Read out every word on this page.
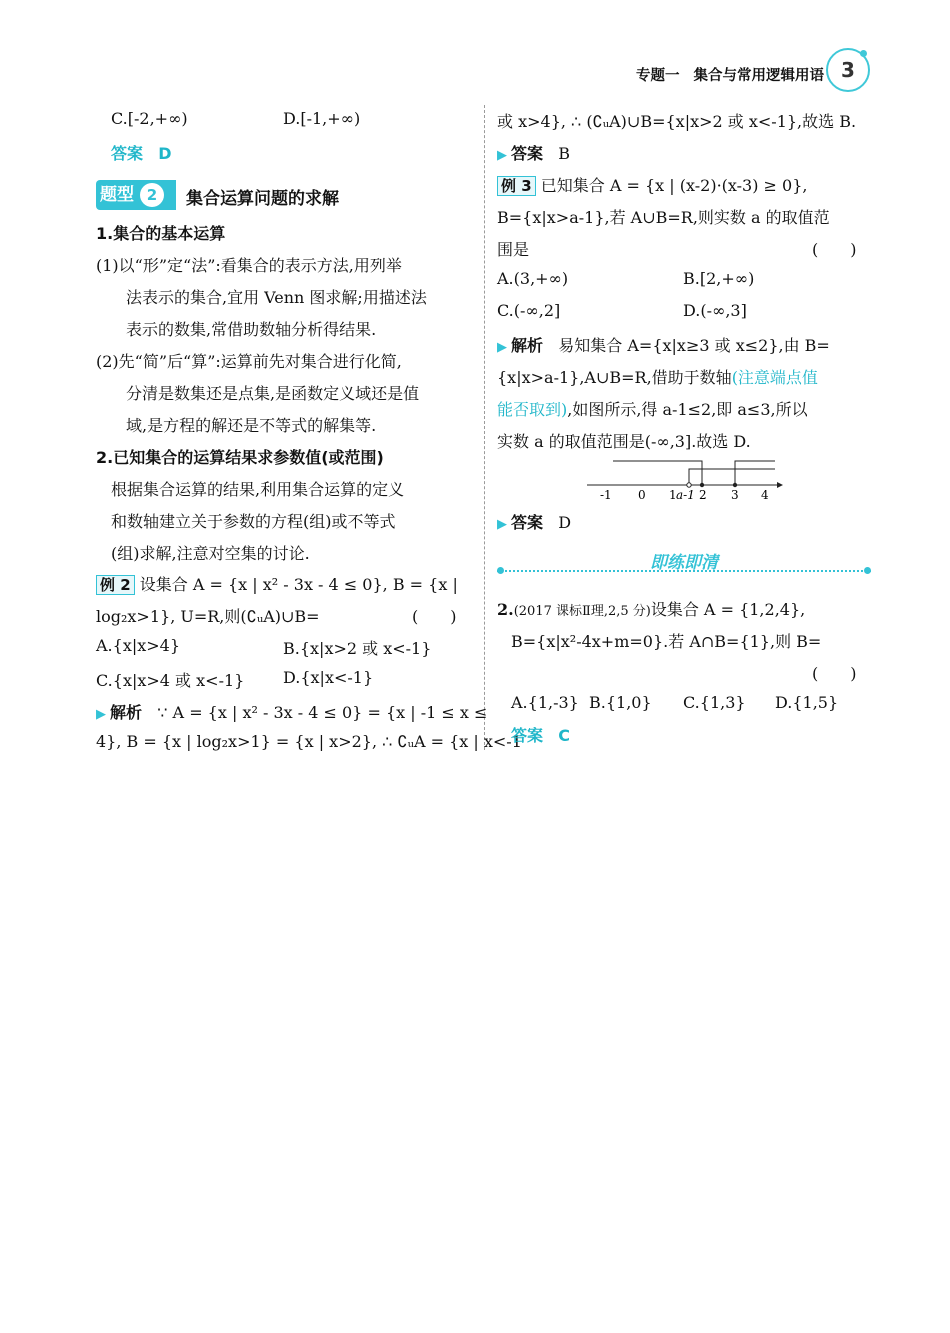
专题一 集合与常用逻辑用语 3
C.[-2,+∞)	D.[-1,+∞)
答案 D
题型 2	集合运算问题的求解
1.集合的基本运算
(1)以“形”定“法”:看集合的表示方法,用列举
法表示的集合,宜用 Venn 图求解;用描述法
表示的数集,常借助数轴分析得结果.
(2)先“简”后“算”:运算前先对集合进行化简,
分清是数集还是点集,是函数定义域还是值
域,是方程的解还是不等式的解集等.
2.已知集合的运算结果求参数值(或范围)
根据集合运算的结果,利用集合运算的定义
和数轴建立关于参数的方程(组)或不等式
(组)求解,注意对空集的讨论.
例 2 设集合 A = {x | x² - 3x - 4 ≤ 0}, B = {x |
log₂x>1}, U=R,则(∁ᵤA)∪B=	(　　)
A.{x|x>4}	B.{x|x>2 或 x<-1}
C.{x|x>4 或 x<-1} D.{x|x<-1}
▶ 解析 ∵ A = {x | x² - 3x - 4 ≤ 0} = {x | -1 ≤ x ≤
4}, B = {x | log₂x>1} = {x | x>2}, ∴ ∁ᵤA = {x | x<-1
或 x>4}, ∴ (∁ᵤA)∪B={x|x>2 或 x<-1},故选 B.
▶ 答案 B
例 3 已知集合 A = {x | (x-2)·(x-3) ≥ 0},
B={x|x>a-1},若 A∪B=R,则实数 a 的取值范
围是	(　　)
A.(3,+∞)	B.[2,+∞)
C.(-∞,2]	D.(-∞,3]
▶ 解析 易知集合 A={x|x≥3 或 x≤2},由 B=
{x|x>a-1},A∪B=R,借助于数轴(注意端点值
能否取到),如图所示,得 a-1≤2,即 a≤3,所以
实数 a 的取值范围是(-∞,3].故选 D.
-1 0 1 a-1 2 3 4
▶ 答案 D
即练即清
2.(2017 课标Ⅱ理,2,5 分)设集合 A = {1,2,4},
B={x|x²-4x+m=0}.若 A∩B={1},则 B=
(　　)
A.{1,-3} B.{1,0} C.{1,3} D.{1,5}
答案 C
